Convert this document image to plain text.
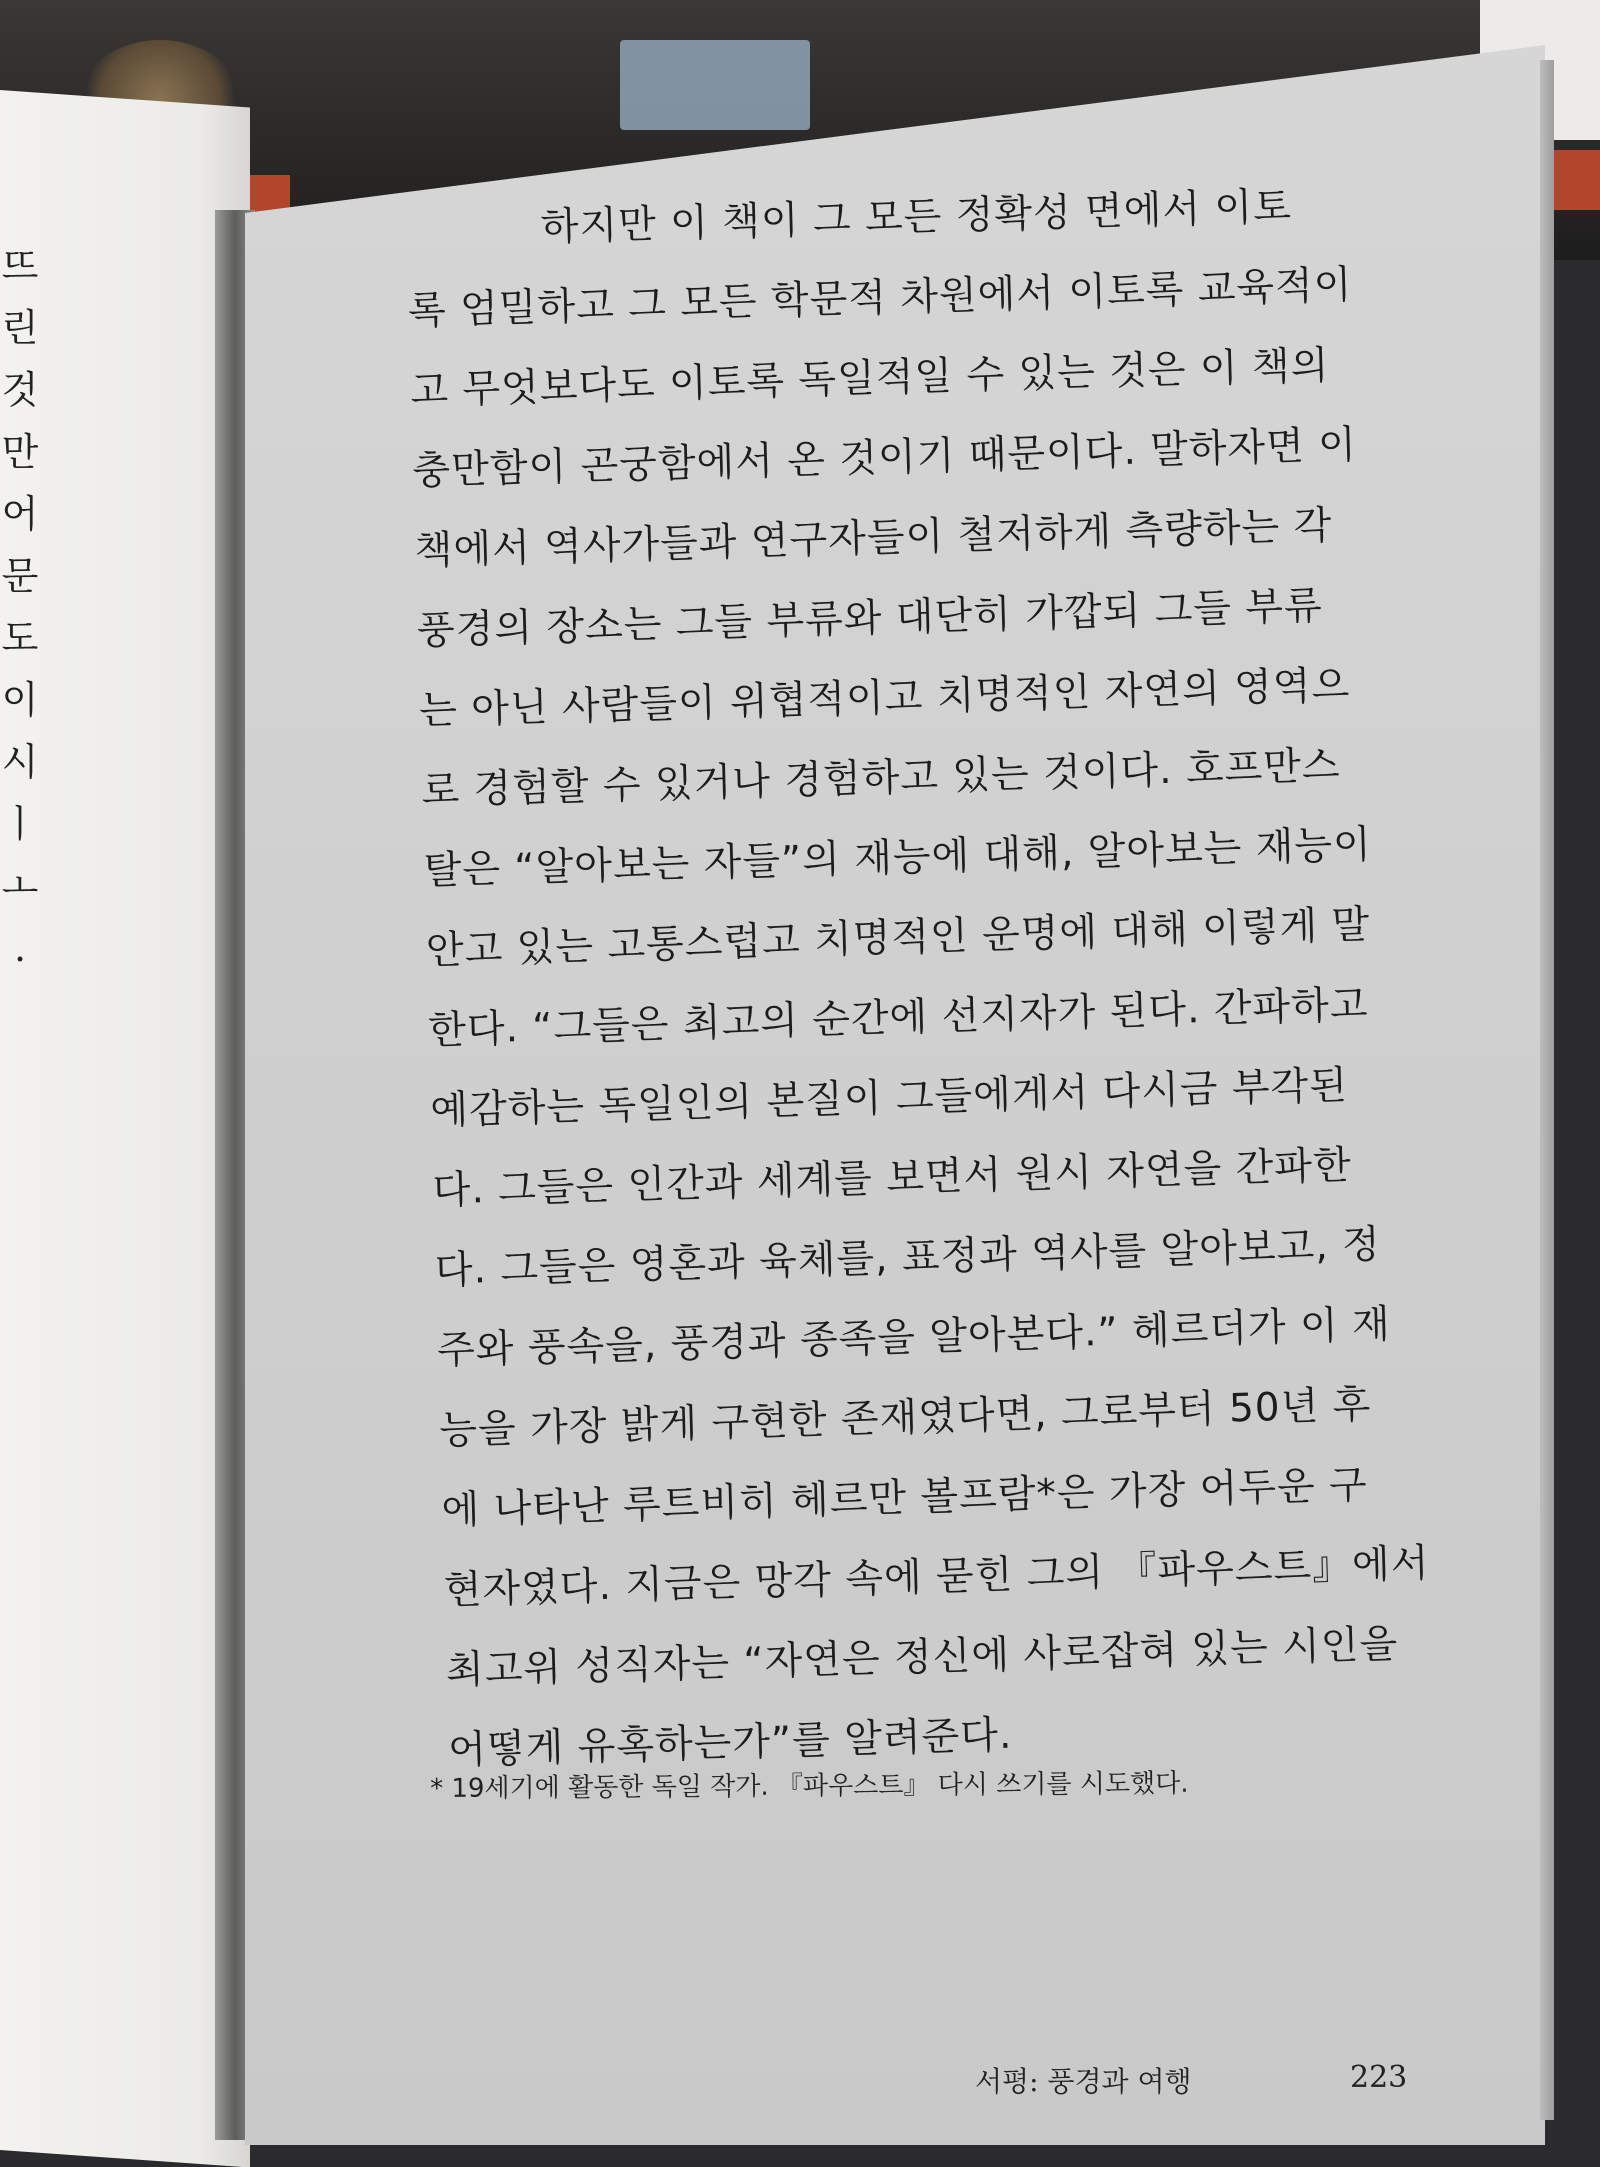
뜨
린
것
만
어
문
도
이
시
ㅣ
ㅗ
.
하지만 이 책이 그 모든 정확성 면에서 이토
록 엄밀하고 그 모든 학문적 차원에서 이토록 교육적이
고 무엇보다도 이토록 독일적일 수 있는 것은 이 책의
충만함이 곤궁함에서 온 것이기 때문이다. 말하자면 이
책에서 역사가들과 연구자들이 철저하게 측량하는 각
풍경의 장소는 그들 부류와 대단히 가깝되 그들 부류
는 아닌 사람들이 위협적이고 치명적인 자연의 영역으
로 경험할 수 있거나 경험하고 있는 것이다. 호프만스
탈은 “알아보는 자들”의 재능에 대해, 알아보는 재능이
안고 있는 고통스럽고 치명적인 운명에 대해 이렇게 말
한다. “그들은 최고의 순간에 선지자가 된다. 간파하고
예감하는 독일인의 본질이 그들에게서 다시금 부각된
다. 그들은 인간과 세계를 보면서 원시 자연을 간파한
다. 그들은 영혼과 육체를, 표정과 역사를 알아보고, 정
주와 풍속을, 풍경과 종족을 알아본다.” 헤르더가 이 재
능을 가장 밝게 구현한 존재였다면, 그로부터 50년 후
에 나타난 루트비히 헤르만 볼프람*은 가장 어두운 구
현자였다. 지금은 망각 속에 묻힌 그의 『파우스트』에서
최고위 성직자는 “자연은 정신에 사로잡혀 있는 시인을
어떻게 유혹하는가”를 알려준다.
* 19세기에 활동한 독일 작가. 『파우스트』 다시 쓰기를 시도했다.
서평: 풍경과 여행	223
